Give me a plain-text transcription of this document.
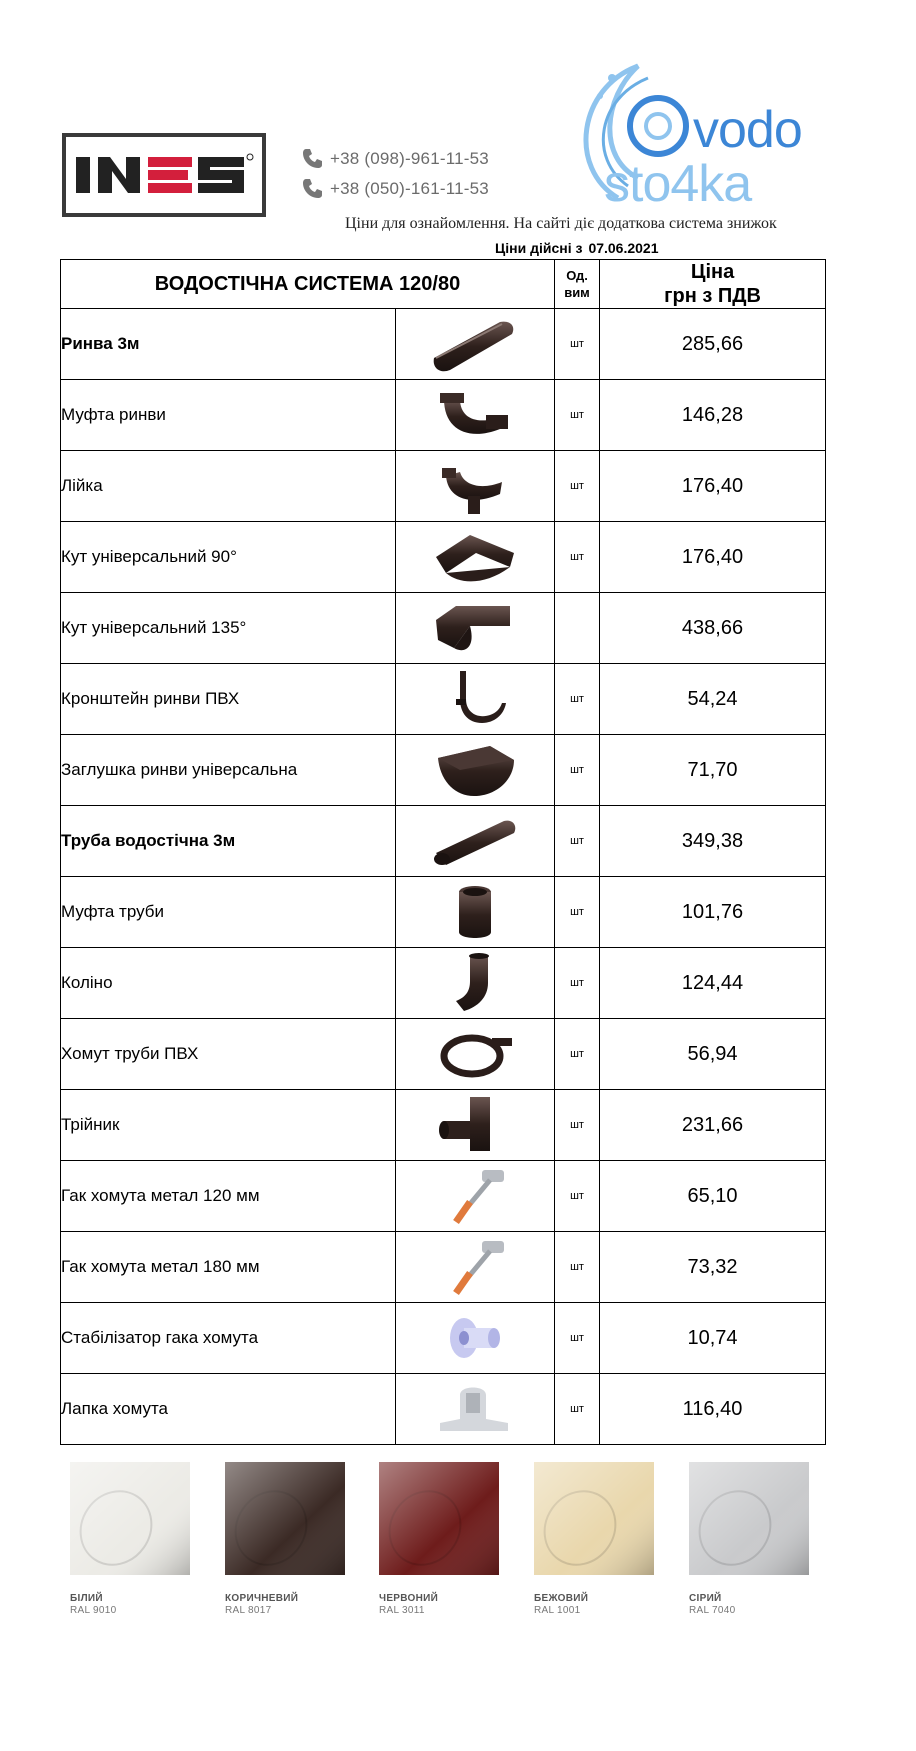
+38 (098)-961-11-53
+38 (050)-161-11-53
vodo
sto4ka
Ціни для ознайомлення. На сайті діє додаткова система знижок
Ціни дійсні з 07.06.2021
ВОДОСТІЧНА СИСТЕМА 120/80		Од.
вим	Ціна
грн з ПДВ
Ринва 3м		шт	285,66
Муфта ринви		шт	146,28
Лійка		шт	176,40
Кут універсальний 90°		шт	176,40
Кут універсальний 135°			438,66
Кронштейн ринви ПВХ		шт	54,24
Заглушка ринви універсальна		шт	71,70
Труба водостічна 3м		шт	349,38
Муфта труби		шт	101,76
Коліно		шт	124,44
Хомут труби ПВХ		шт	56,94
Трійник		шт	231,66
Гак хомута метал 120 мм		шт	65,10
Гак хомута метал 180 мм		шт	73,32
Стабілізатор гака хомута		шт	10,74
Лапка хомута		шт	116,40
БІЛИЙ
RAL 9010
КОРИЧНЕВИЙ
RAL 8017
ЧЕРВОНИЙ
RAL 3011
БЕЖОВИЙ
RAL 1001
СІРИЙ
RAL 7040
